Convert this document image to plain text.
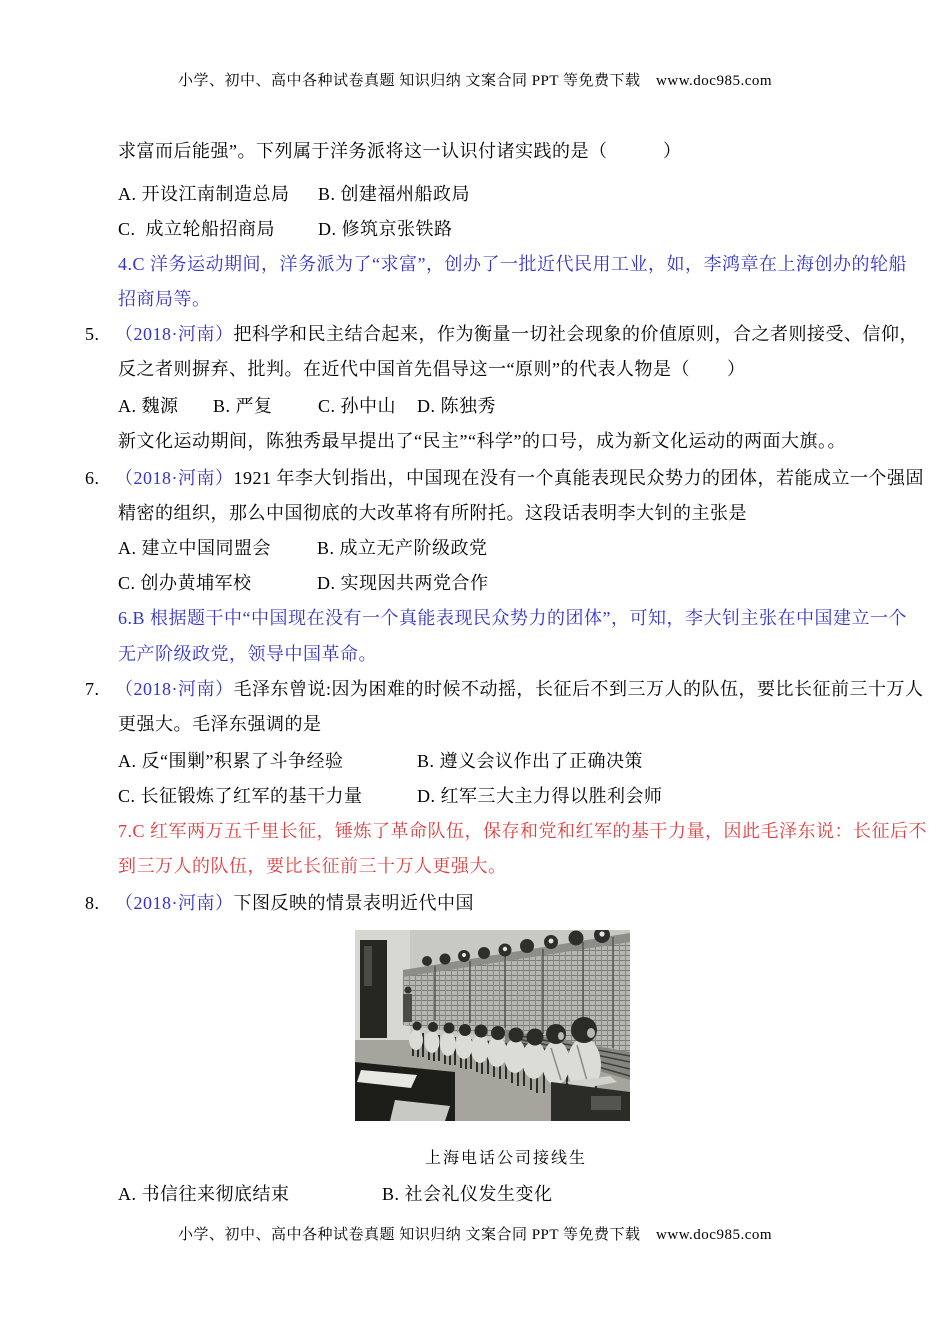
小学、初中、高中各种试卷真题 知识归纳 文案合同 PPT 等免费下载　www.doc985.com
求富而后能强”。下列属于洋务派将这一认识付诸实践的是（　　　）
A. 开设江南制造总局 B. 创建福州船政局
C.  成立轮船招商局 D. 修筑京张铁路
4.C 洋务运动期间，洋务派为了“求富”，创办了一批近代民用工业，如，李鸿章在上海创办的轮船
招商局等。
5. （2018·河南）把科学和民主结合起来，作为衡量一切社会现象的价值原则，合之者则接受、信仰，
反之者则摒弃、批判。在近代中国首先倡导这一“原则”的代表人物是（　　）
A. 魏源 B. 严复	C. 孙中山 D. 陈独秀
新文化运动期间，陈独秀最早提出了“民主”“科学”的口号，成为新文化运动的两面大旗。。
6. （2018·河南）1921 年李大钊指出，中国现在没有一个真能表现民众势力的团体，若能成立一个强固
精密的组织，那么中国彻底的大改革将有所附托。这段话表明李大钊的主张是
A. 建立中国同盟会	B. 成立无产阶级政党
C. 创办黄埔军校	D. 实现因共两党合作
6.B 根据题干中“中国现在没有一个真能表现民众势力的团体”，可知，李大钊主张在中国建立一个
无产阶级政党，领导中国革命。
7. （2018·河南）毛泽东曾说:因为困难的时候不动摇，长征后不到三万人的队伍，要比长征前三十万人
更强大。毛泽东强调的是
A. 反“围剿”积累了斗争经验	B. 遵义会议作出了正确决策
C. 长征锻炼了红军的基干力量	D. 红军三大主力得以胜利会师
7.C 红军两万五千里长征，锤炼了革命队伍，保存和党和红军的基干力量，因此毛泽东说：长征后不
到三万人的队伍，要比长征前三十万人更强大。
8. （2018·河南）下图反映的情景表明近代中国
上海电话公司接线生
A. 书信往来彻底结束	B. 社会礼仪发生变化
小学、初中、高中各种试卷真题 知识归纳 文案合同 PPT 等免费下载　www.doc985.com
